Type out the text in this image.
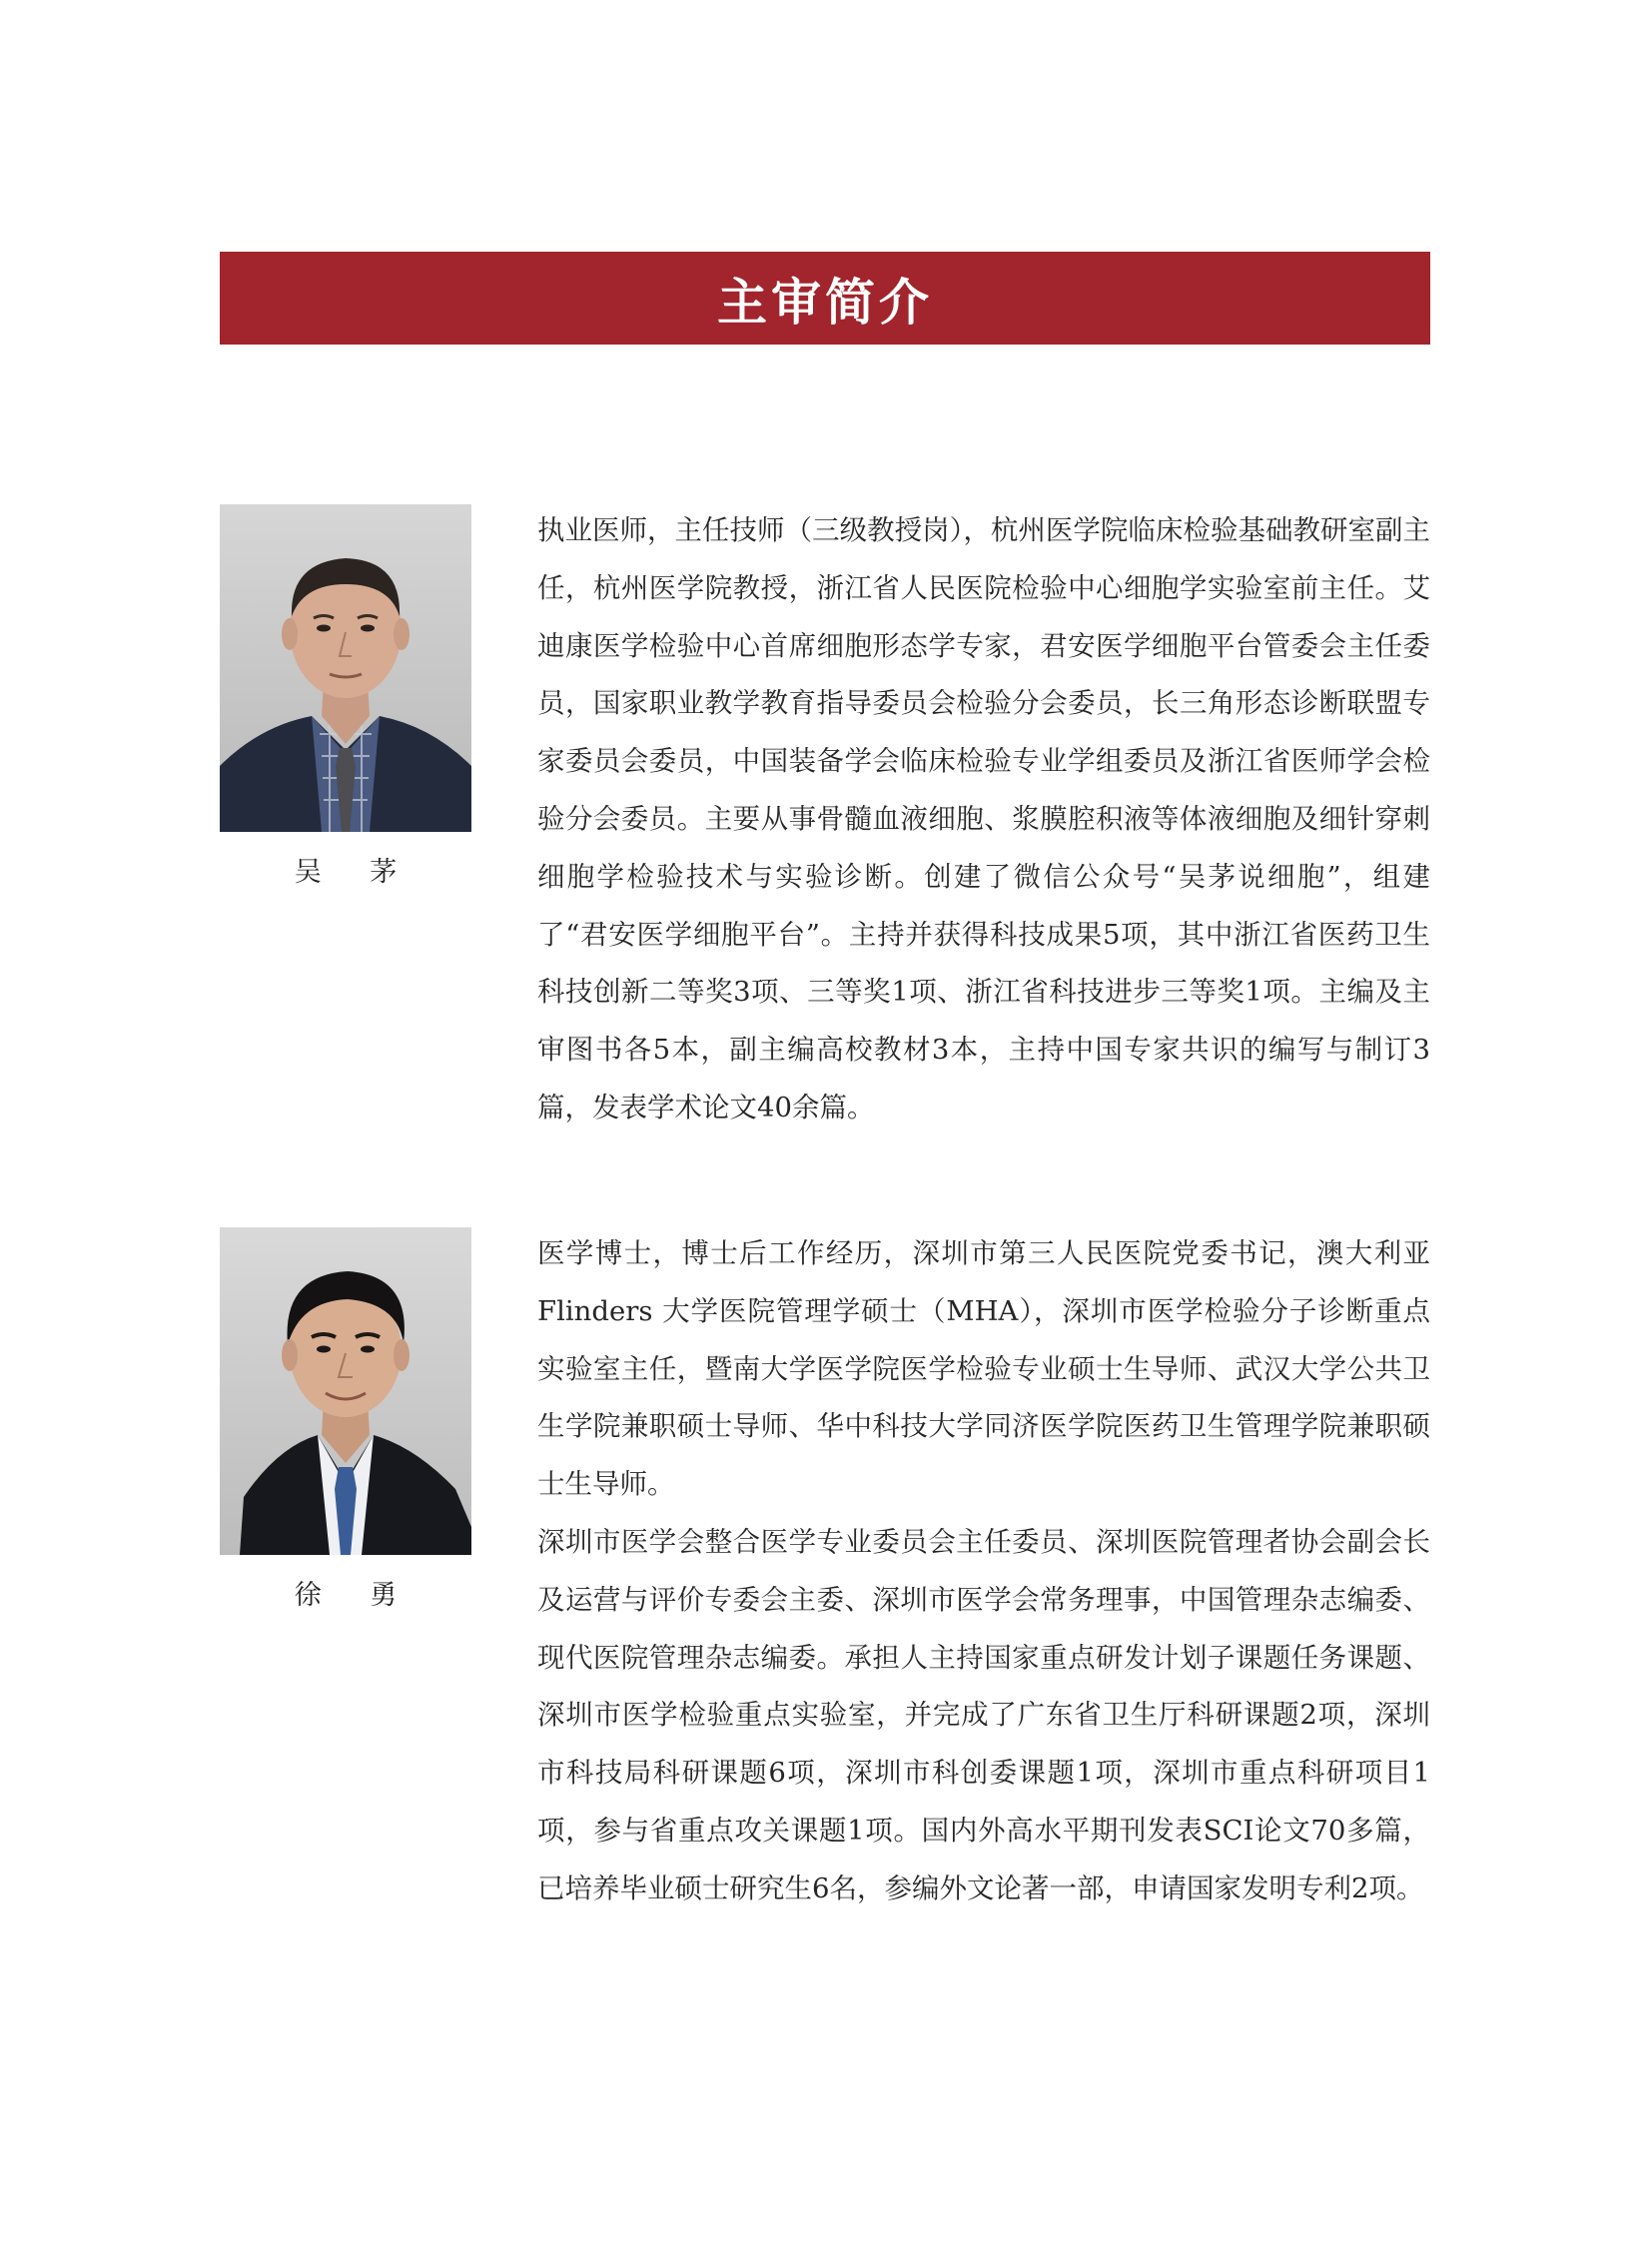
主审简介
吴 茅

执业医师，主任技师（三级教授岗），杭州医学院临床检验基础教研室副主任，杭州医学院教授，浙江省人民医院检验中心细胞学实验室前主任。艾迪康医学检验中心首席细胞形态学专家，君安医学细胞平台管委会主任委员，国家职业教学教育指导委员会检验分会委员，长三角形态诊断联盟专家委员会委员，中国装备学会临床检验专业学组委员及浙江省医师学会检验分会委员。主要从事骨髓血液细胞、浆膜腔积液等体液细胞及细针穿刺细胞学检验技术与实验诊断。创建了微信公众号“吴茅说细胞”，组建了“君安医学细胞平台”。主持并获得科技成果5项，其中浙江省医药卫生科技创新二等奖3项、三等奖1项、浙江省科技进步三等奖1项。主编及主审图书各5本，副主编高校教材3本，主持中国专家共识的编写与制订3篇，发表学术论文40余篇。

徐 勇

医学博士，博士后工作经历，深圳市第三人民医院党委书记，澳大利亚 Flinders 大学医院管理学硕士（MHA），深圳市医学检验分子诊断重点实验室主任，暨南大学医学院医学检验专业硕士生导师、武汉大学公共卫生学院兼职硕士导师、华中科技大学同济医学院医药卫生管理学院兼职硕士生导师。

深圳市医学会整合医学专业委员会主任委员、深圳医院管理者协会副会长及运营与评价专委会主委、深圳市医学会常务理事，中国管理杂志编委、现代医院管理杂志编委。承担人主持国家重点研发计划子课题任务课题、深圳市医学检验重点实验室，并完成了广东省卫生厅科研课题2项，深圳市科技局科研课题6项，深圳市科创委课题1项，深圳市重点科研项目1项，参与省重点攻关课题1项。国内外高水平期刊发表SCI论文70多篇，已培养毕业硕士研究生6名，参编外文论著一部，申请国家发明专利2项。
